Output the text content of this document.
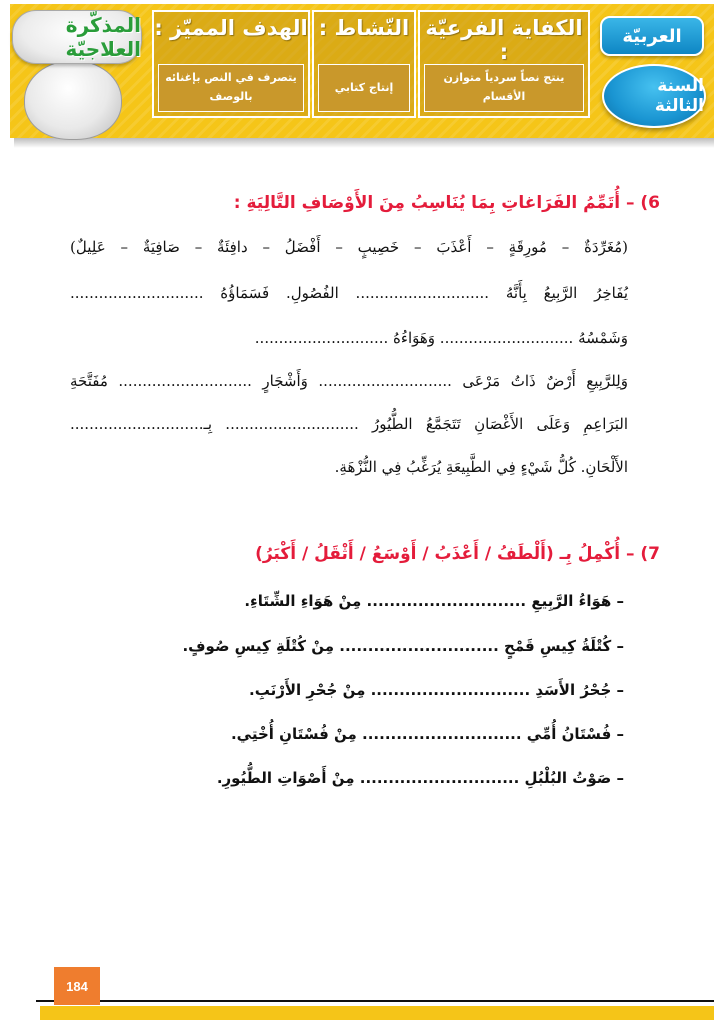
المذكّرة العلاجيّة
الهدف المميّز :
يتصرف في النص بإغنائه بالوصف
النّشاط :
إنتاج كتابي
الكفاية الفرعيّة :
ينتج نصاً سردياً متوازن الأقسام
العربيّة
السنة الثالثة
6) – أُتَمِّمُ الفَرَاغاتِ بِمَا يُنَاسِبُ مِنَ الأَوْصَافِ التَّالِيَةِ :
(مُغَرِّدَةٌ – مُورِقَةٍ – أَعْذَبَ – خَصِيبٍ – أَفْضَلُ – دافِئَةٌ – صَافِيَةٌ – عَلِيلٌ)
يُفَاخِرُ الرَّبِيعُ بِأَنَّهُ ............................ الفُصُولِ. فَسَمَاؤُهُ ............................
وَشَمْسُهُ ............................ وَهَوَاءُهُ ............................
وَلِلرَّبِيعِ أَرْضٌ ذَاتُ مَرْعَى ............................ وَأَشْجَارٍ ............................ مُفَتَّحَةِ
البَرَاعِمِ وَعَلَى الأَغْصَانِ تَتَجَمَّعُ الطُّيُورُ ............................ بِـ............................
الأَلْحَانِ. كُلُّ شَيْءٍ فِي الطَّبِيعَةِ يُرَغِّبُ فِي النُّزْهَةِ.
7) – أُكْمِلُ بِـ (أَلْطَفُ / أَعْذَبُ / أَوْسَعُ / أَثْقَلُ / أَكْبَرُ)
– هَوَاءُ الرَّبِيعِ ............................ مِنْ هَوَاءِ الشِّتَاءِ.
– كُتْلَةُ كِيسِ قَمْحٍ ............................ مِنْ كُتْلَةِ كِيسِ صُوفٍ.
– جُحْرُ الأَسَدِ ............................ مِنْ جُحْرِ الأَرْنَبِ.
– فُسْتَانُ أُمِّي ............................ مِنْ فُسْتَانِ أُخْتِي.
– صَوْتُ البُلْبُلِ ............................ مِنْ أَصْوَاتِ الطُّيُورِ.
184
